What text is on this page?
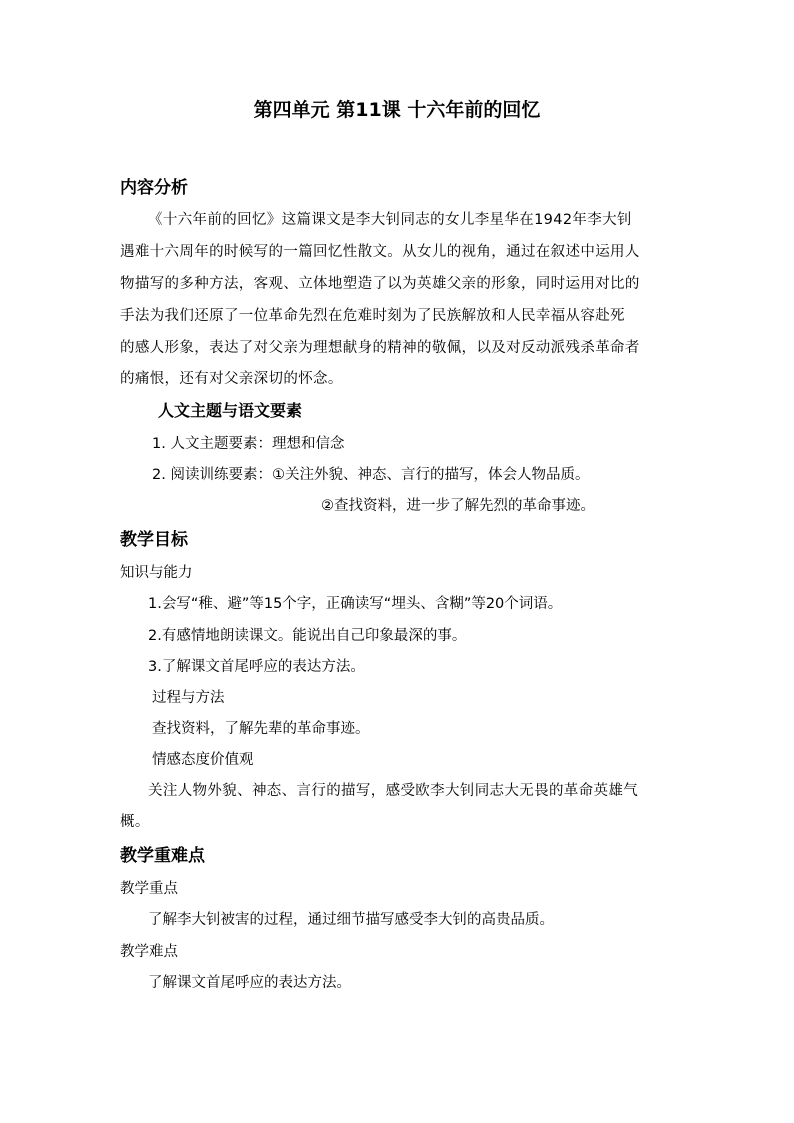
第四单元 第11课 十六年前的回忆
内容分析
《十六年前的回忆》这篇课文是李大钊同志的女儿李星华在1942年李大钊
遇难十六周年的时候写的一篇回忆性散文。从女儿的视角，通过在叙述中运用人
物描写的多种方法，客观、立体地塑造了以为英雄父亲的形象，同时运用对比的
手法为我们还原了一位革命先烈在危难时刻为了民族解放和人民幸福从容赴死
的感人形象，表达了对父亲为理想献身的精神的敬佩，以及对反动派残杀革命者
的痛恨，还有对父亲深切的怀念。
人文主题与语文要素
1. 人文主题要素：理想和信念
2. 阅读训练要素：①关注外貌、神态、言行的描写，体会人物品质。
②查找资料，进一步了解先烈的革命事迹。
教学目标
知识与能力
1.会写“稚、避”等15个字，正确读写“埋头、含糊”等20个词语。
2.有感情地朗读课文。能说出自己印象最深的事。
3.了解课文首尾呼应的表达方法。
过程与方法
查找资料，了解先辈的革命事迹。
情感态度价值观
关注人物外貌、神态、言行的描写，感受欧李大钊同志大无畏的革命英雄气
概。
教学重难点
教学重点
了解李大钊被害的过程，通过细节描写感受李大钊的高贵品质。
教学难点
了解课文首尾呼应的表达方法。
